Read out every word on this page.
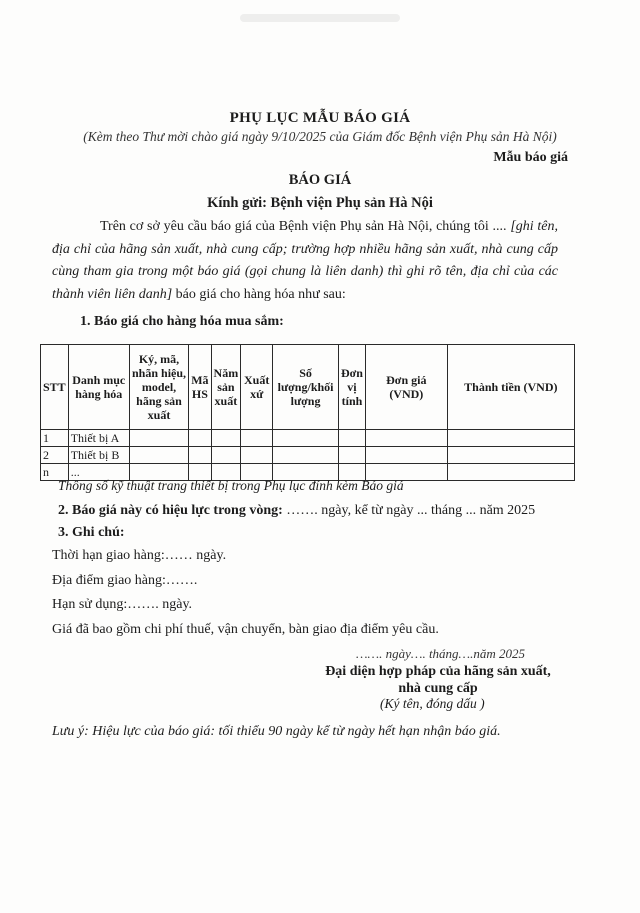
PHỤ LỤC MẪU BÁO GIÁ
(Kèm theo Thư mời chào giá ngày 9/10/2025 của Giám đốc Bệnh viện Phụ sản Hà Nội)
Mẫu báo giá
BÁO GIÁ
Kính gửi: Bệnh viện Phụ sản Hà Nội
Trên cơ sở yêu cầu báo giá của Bệnh viện Phụ sản Hà Nội, chúng tôi .... [ghi tên, địa chỉ của hãng sản xuất, nhà cung cấp; trường hợp nhiều hãng sản xuất, nhà cung cấp cùng tham gia trong một báo giá (gọi chung là liên danh) thì ghi rõ tên, địa chỉ của các thành viên liên danh] báo giá cho hàng hóa như sau:
1. Báo giá cho hàng hóa mua sắm:
STT	Danh mục hàng hóa	Ký, mã, nhãn hiệu, model, hãng sản xuất	Mã HS	Năm sản xuất	Xuất xứ	Số lượng/khối lượng	Đơn vị tính	Đơn giá (VND)	Thành tiền (VND)
1	Thiết bị A								
2	Thiết bị B								
n	...								
Thông số kỹ thuật trang thiết bị trong Phụ lục đính kèm Báo giá
2. Báo giá này có hiệu lực trong vòng: ……. ngày, kể từ ngày ... tháng ... năm 2025
3. Ghi chú:
Thời hạn giao hàng:…… ngày.
Địa điểm giao hàng:…….
Hạn sử dụng:……. ngày.
Giá đã bao gồm chi phí thuế, vận chuyển, bàn giao địa điểm yêu cầu.
……. ngày…. tháng….năm 2025
Đại diện hợp pháp của hãng sản xuất,
nhà cung cấp
(Ký tên, đóng dấu )
Lưu ý: Hiệu lực của báo giá: tối thiểu 90 ngày kể từ ngày hết hạn nhận báo giá.
